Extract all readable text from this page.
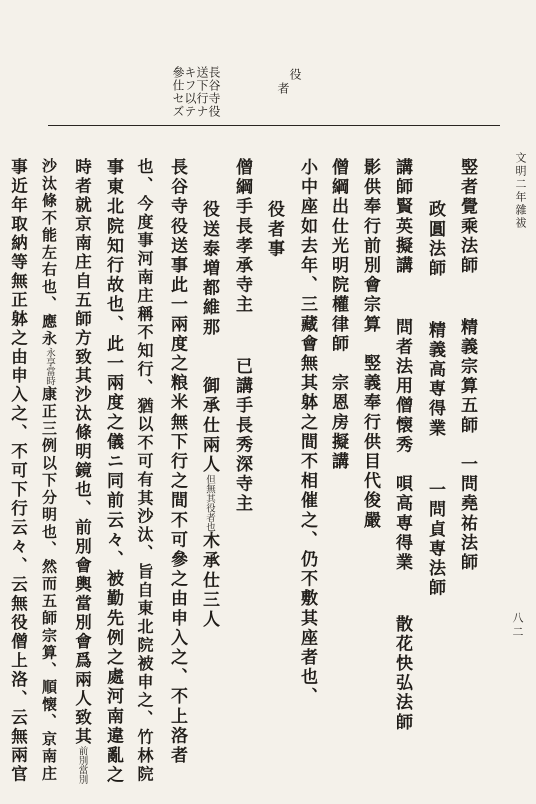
文明二年雜祓
八二
役
者
長谷寺役
送下行ナ
キフ以テ
參仕セズ
竪者覺乘法師　 精義宗算五師　一問堯祐法師
　 政圓法師　 精義高専得業　 一問貞専法師
講師賢英擬講　 問者法用僧懐秀　唄高専得業　 散花快弘法師
影供奉行前別會宗算　竪義奉行供目代俊嚴
僧綱出仕光明院權律師　宗恩房擬講
小中座如去年、三藏會無其躰之間不相催之、仍不敷其座者也、
　 役者事
僧綱手長孝承寺主　 已講手長秀深寺主
　 役送泰増都維那　　御承仕兩人但無其役者也木承仕三人
長谷寺役送事此一兩度之粮米無下行之間不可參之由申入之、不上洛者
也、今度事河南庄稱不知行、猶以不可有其沙汰、旨自東北院被申之、竹林院
事東北院知行故也、此一兩度之儀ニ同前云々、被勤先例之處河南違亂之
時者就京南庄自五師方致其沙汰條明鏡也、前別會輿當別會爲兩人致其前別當別
沙汰條不能左右也、應永永享當時康正三例以下分明也、然而五師宗算、順懐、京南庄
事近年取納等無正躰之由申入之、不可下行云々、云無役僧上洛、云無兩官
